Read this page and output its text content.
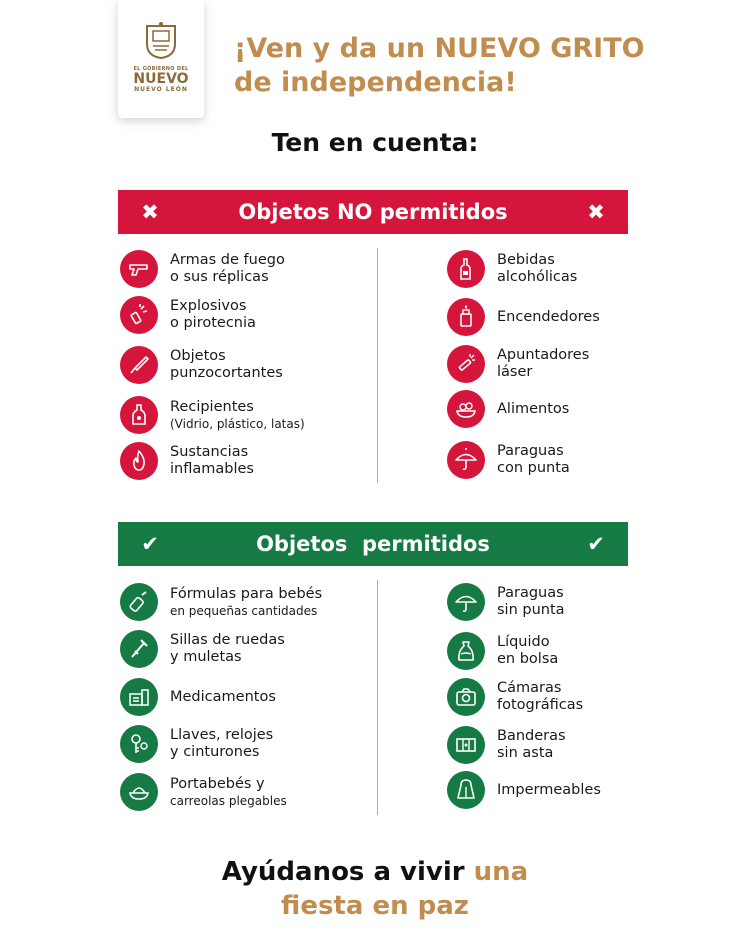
EL GOBIERNO DEL
NUEVO
NUEVO LEÓN
¡Ven y da un NUEVO GRITO
de independencia!
Ten en cuenta:
✖	Objetos NO permitidos	✖
Armas de fuego
o sus réplicas
Explosivos
o pirotecnia
Objetos
punzocortantes
Recipientes
(Vidrio, plástico, latas)
Sustancias
inflamables
Bebidas
alcohólicas
Encendedores
Apuntadores
láser
Alimentos
Paraguas
con punta
✔	Objetos  permitidos	✔
Fórmulas para bebés
en pequeñas cantidades
Sillas de ruedas
y muletas
Medicamentos
Llaves, relojes
y cinturones
Portabebés y
carreolas plegables
Paraguas
sin punta
Líquido
en bolsa
Cámaras
fotográficas
Banderas
sin asta
Impermeables
Ayúdanos a vivir una
fiesta en paz
